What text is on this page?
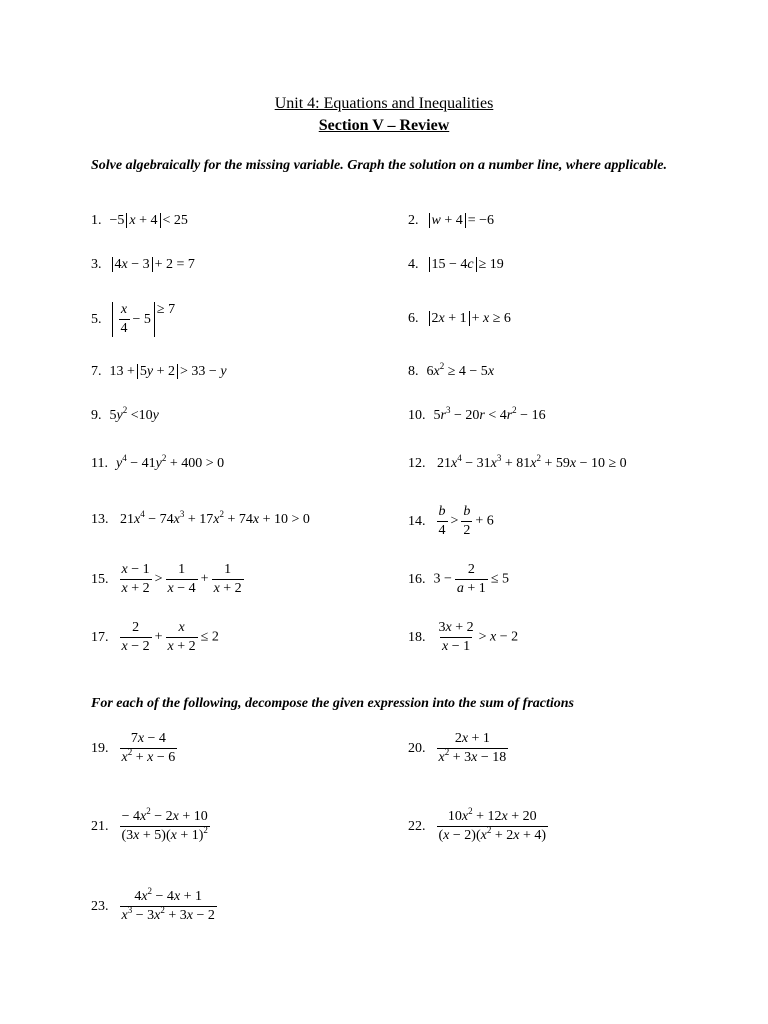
Unit 4: Equations and Inequalities
Section V – Review
Solve algebraically for the missing variable. Graph the solution on a number line, where applicable.
1. −5 x + 4 < 25	2. w + 4 = −6
3. 4x − 3 + 2 = 7	4. 15 − 4c ≥ 19
5. $\frac{x}{4} - 5\ge 7$
6. 2x + 1 + x ≥ 6
7. 13 + 5y + 2 > 33 − y	8. $6x^2 \ge 4 - 5x$
9. $5y^2 <10y$	10. $5r^3 - 20r < 4r^2 - 16$
11. $y^4 - 41y^2 + 400 > 0$	12. $21x^4 - 31x^3 + 81x^2 + 59x - 10 \ge 0$
13. $21x^4 - 74x^3 + 17x^2 + 74x + 10 > 0$	14. $\frac{b}{4} > \frac{b}{2} + 6$
15. $\frac{x - 1}{x + 2} > \frac{1}{x - 4} + \frac{1}{x + 2}$	16. $3 - \frac{2}{a + 1} \le 5$
17. $\frac{2}{x - 2} + \frac{x}{x + 2} \le 2$	18. $\frac{3x + 2}{x - 1} > x - 2$
For each of the following, decompose the given expression into the sum of fractions
19. $\frac{7x - 4}{x^2 + x - 6}$	20. $\frac{2x + 1}{x^2 + 3x - 18}$
21. $\frac{- 4x^2 - 2x + 10}{(3x + 5)(x + 1)^2}$	22. $\frac{10x^2 + 12x + 20}{(x - 2)(x^2 + 2x + 4)}$
23. $\frac{4x^2 - 4x + 1}{x^3 - 3x^2 + 3x - 2}$
